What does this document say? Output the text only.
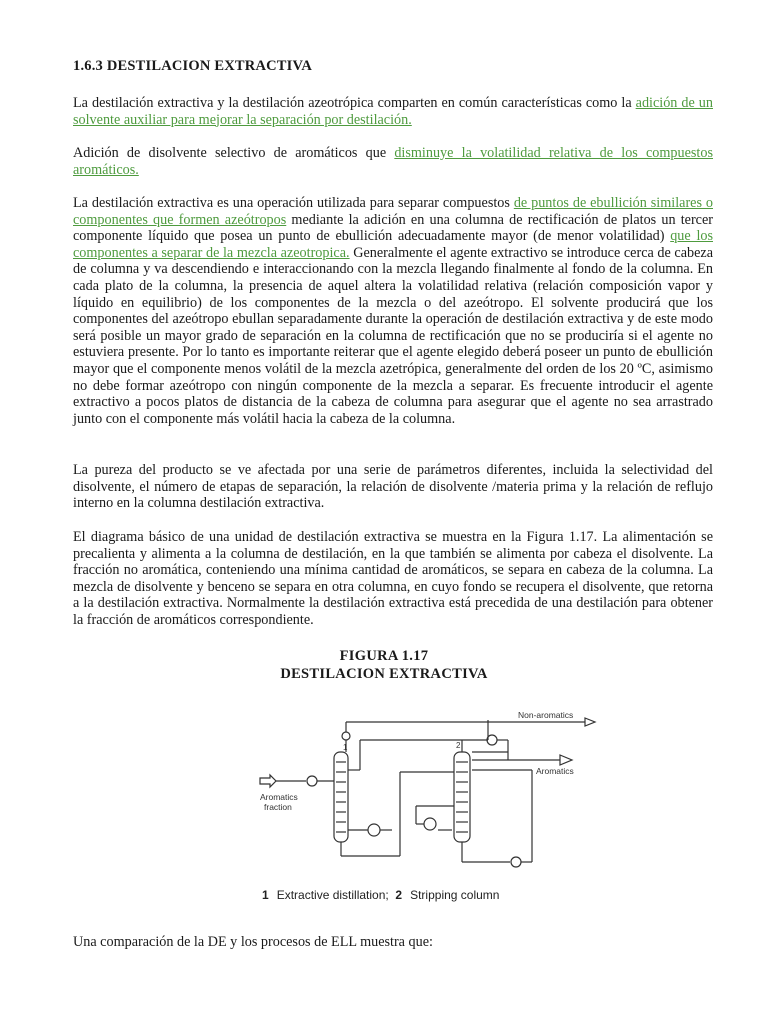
1.6.3 DESTILACION EXTRACTIVA

La destilación extractiva y la destilación azeotrópica comparten en común características como la adición de un solvente auxiliar para mejorar la separación por destilación.

Adición de disolvente selectivo de aromáticos que disminuye la volatilidad relativa de los compuestos aromáticos.

La destilación extractiva es una operación utilizada para separar compuestos de puntos de ebullición similares o componentes que formen azeótropos mediante la adición en una columna de rectificación de platos un tercer componente líquido que posea un punto de ebullición adecuadamente mayor (de menor volatilidad) que los componentes a separar de la mezcla azeotropica. Generalmente el agente extractivo se introduce cerca de cabeza de columna y va descendiendo e interaccionando con la mezcla llegando finalmente al fondo de la columna. En cada plato de la columna, la presencia de aquel altera la volatilidad relativa (relación composición vapor y líquido en equilibrio) de los componentes de la mezcla o del azeótropo. El solvente producirá que los componentes del azeótropo ebullan separadamente durante la operación de destilación extractiva y de este modo será posible un mayor grado de separación en la columna de rectificación que no se produciría si el agente no estuviera presente. Por lo tanto es importante reiterar que el agente elegido deberá poseer un punto de ebullición mayor que el componente menos volátil de la mezcla azetrópica, generalmente del orden de los 20 ºC, asimismo no debe formar azeótropo con ningún componente de la mezcla a separar. Es frecuente introducir el agente extractivo a pocos platos de distancia de la cabeza de columna para asegurar que el agente no sea arrastrado junto con el componente más volátil hacia la cabeza de la columna.

La pureza del producto se ve afectada por una serie de parámetros diferentes, incluida la selectividad del disolvente, el número de etapas de separación, la relación de disolvente /materia prima y la relación de reflujo interno en la columna destilación extractiva.

El diagrama básico de una unidad de destilación extractiva se muestra en la Figura 1.17. La alimentación se precalienta y alimenta a la columna de destilación, en la que también se alimenta por cabeza el disolvente. La fracción no aromática, conteniendo una mínima cantidad de aromáticos, se separa en cabeza de la columna. La mezcla de disolvente y benceno se separa en otra columna, en cuyo fondo se recupera el disolvente, que retorna a la destilación extractiva. Normalmente la destilación extractiva está precedida de una destilación para obtener la fracción de aromáticos correspondiente.

FIGURA 1.17
DESTILACION EXTRACTIVA
Non-aromatics
Aromatics
Aromatics
fraction
1	2
1 Extractive distillation; 2 Stripping column
Una comparación de la DE y los procesos de ELL muestra que:
